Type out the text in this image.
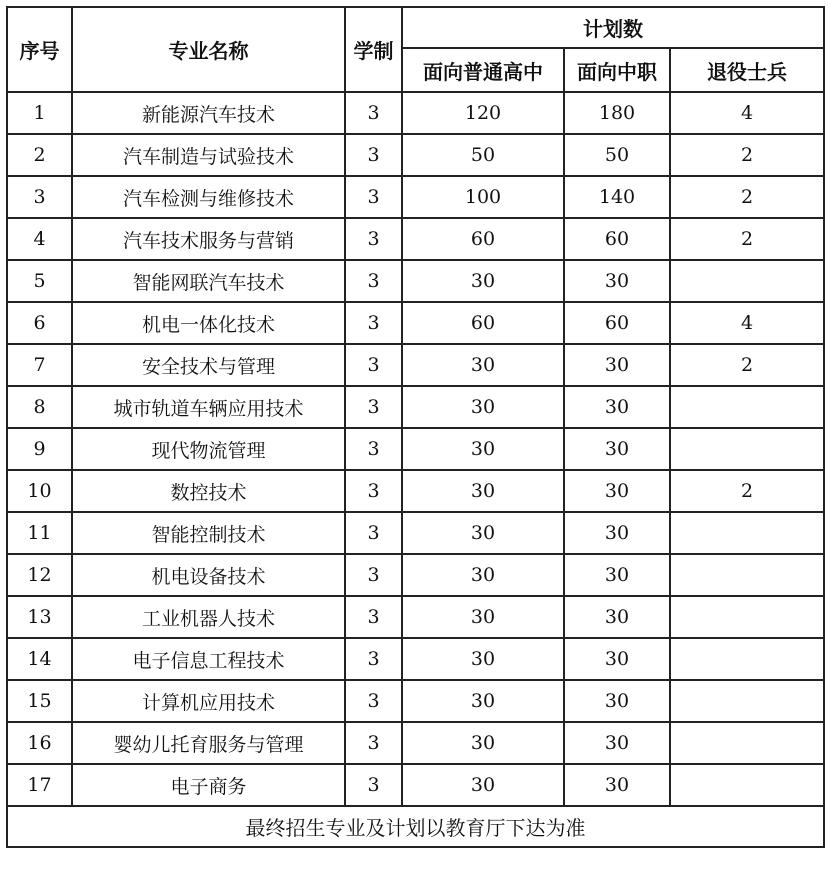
序号	专业名称	学制	计划数		
			面向普通高中	面向中职	退役士兵
1	新能源汽车技术	3	120	180	4
2	汽车制造与试验技术	3	50	50	2
3	汽车检测与维修技术	3	100	140	2
4	汽车技术服务与营销	3	60	60	2
5	智能网联汽车技术	3	30	30	
6	机电一体化技术	3	60	60	4
7	安全技术与管理	3	30	30	2
8	城市轨道车辆应用技术	3	30	30	
9	现代物流管理	3	30	30	
10	数控技术	3	30	30	2
11	智能控制技术	3	30	30	
12	机电设备技术	3	30	30	
13	工业机器人技术	3	30	30	
14	电子信息工程技术	3	30	30	
15	计算机应用技术	3	30	30	
16	婴幼儿托育服务与管理	3	30	30	
17	电子商务	3	30	30	
最终招生专业及计划以教育厅下达为准					
